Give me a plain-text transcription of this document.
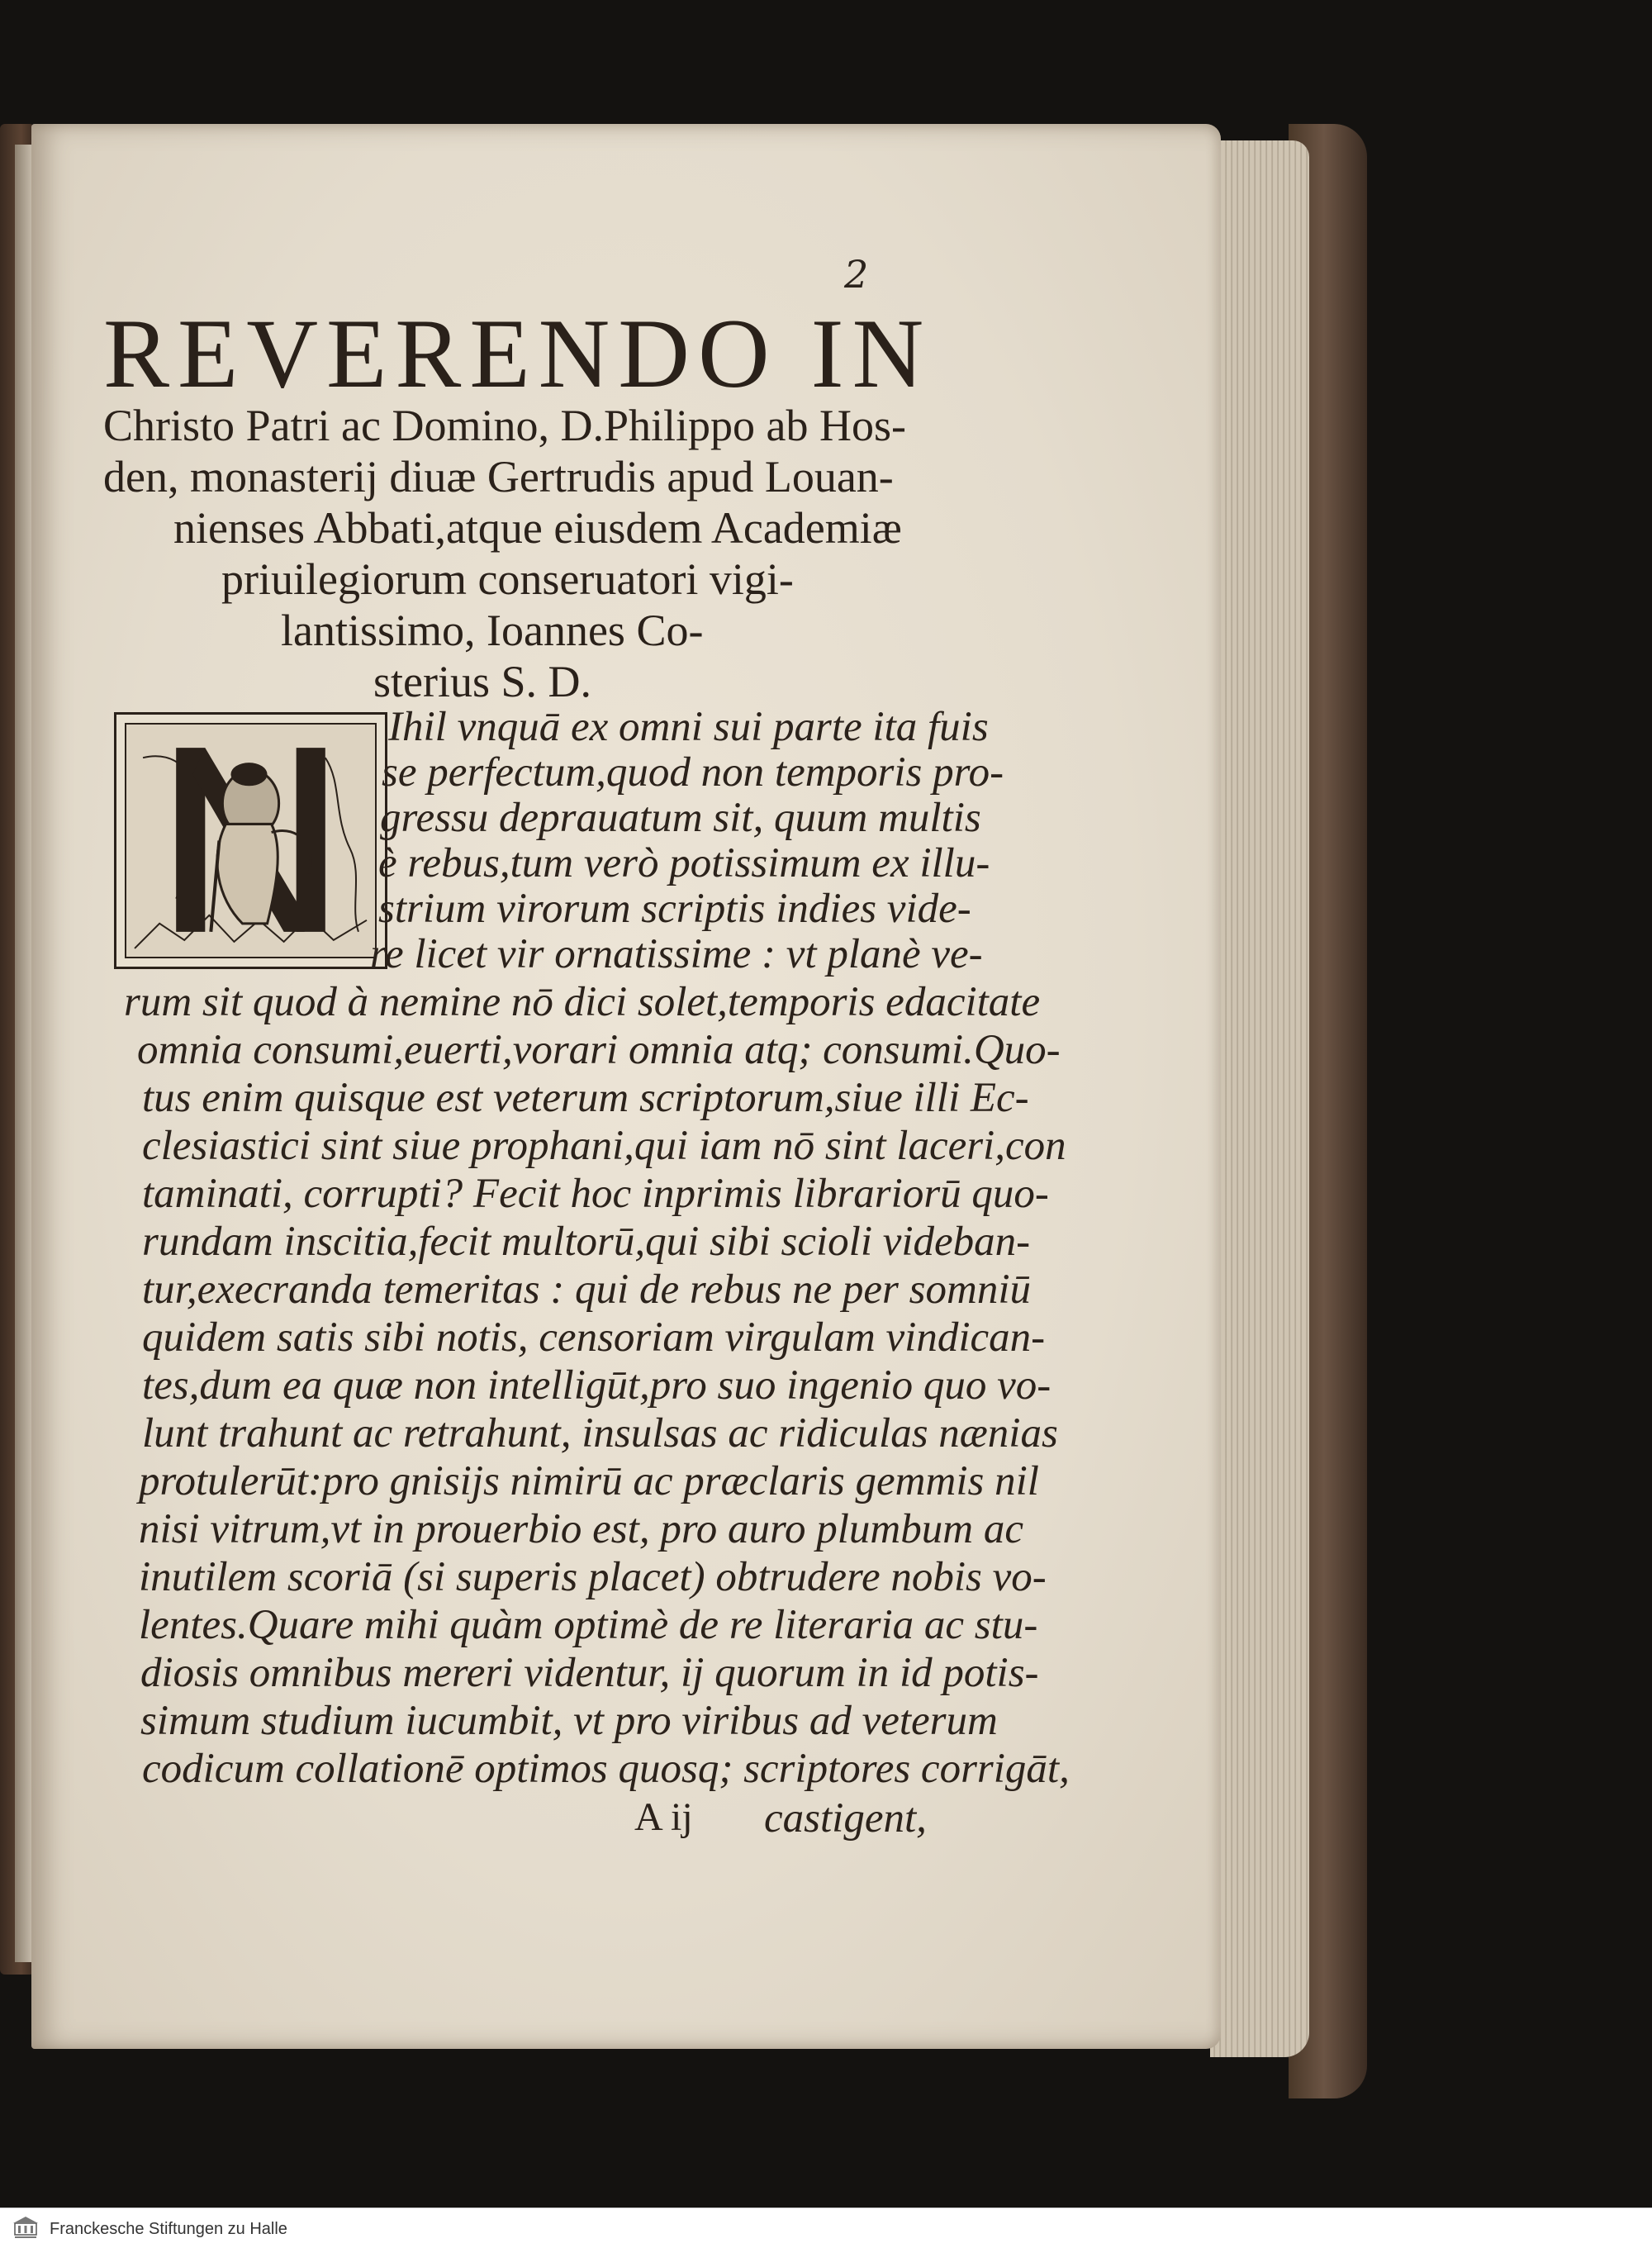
2
REVERENDO IN
Christo Patri ac Domino, D.Philippo ab Hos-
den, monasterij diuæ Gertrudis apud Louan-
nienses Abbati,atque eiusdem Academiæ
priuilegiorum conseruatori vigi-
lantissimo, Ioannes Co-
sterius S. D.
Ihil vnquā ex omni sui parte ita fuis
se perfectum,quod non temporis pro-
gressu deprauatum sit, quum multis
è rebus,tum verò potissimum ex illu-
strium virorum scriptis indies vide-
re licet vir ornatissime : vt planè ve-
rum sit quod à nemine nō dici solet,temporis edacitate
omnia consumi,euerti,vorari omnia atq; consumi.Quo-
tus enim quisque est veterum scriptorum,siue illi Ec-
clesiastici sint siue prophani,qui iam nō sint laceri,con
taminati, corrupti? Fecit hoc inprimis librariorū quo-
rundam inscitia,fecit multorū,qui sibi scioli videban-
tur,execranda temeritas : qui de rebus ne per somniū
quidem satis sibi notis, censoriam virgulam vindican-
tes,dum ea quæ non intelligūt,pro suo ingenio quo vo-
lunt trahunt ac retrahunt, insulsas ac ridiculas nænias
protulerūt:pro gnisijs nimirū ac præclaris gemmis nil
nisi vitrum,vt in prouerbio est, pro auro plumbum ac
inutilem scoriā (si superis placet) obtrudere nobis vo-
lentes.Quare mihi quàm optimè de re literaria ac stu-
diosis omnibus mereri videntur, ij quorum in id potis-
simum studium iucumbit, vt pro viribus ad veterum
codicum collationē optimos quosq; scriptores corrigāt,
A ij castigent,
Franckesche Stiftungen zu Halle
